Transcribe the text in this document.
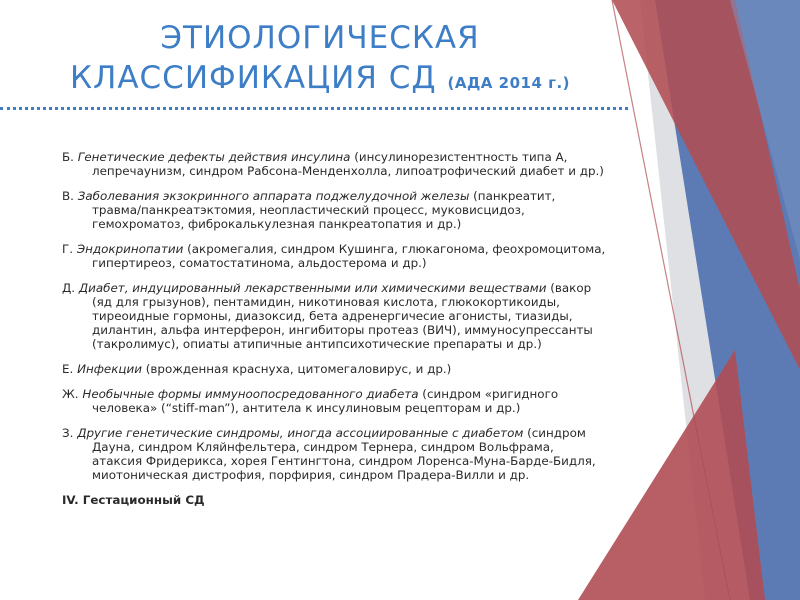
ЭТИОЛОГИЧЕСКАЯ
КЛАССИФИКАЦИЯ СД (АДА 2014 г.)

Б. Генетические дефекты действия инсулина (инсулинорезистентность типа А, лепречаунизм, синдром Рабсона-Менденхолла, липоатрофический диабет и др.)

В. Заболевания экзокринного аппарата поджелудочной железы (панкреатит, травма/панкреатэктомия, неопластический процесс, муковисцидоз, гемохроматоз, фиброкалькулезная панкреатопатия и др.)

Г. Эндокринопатии (акромегалия, синдром Кушинга, глюкагонома, феохромоцитома, гипертиреоз, соматостатинома, альдостерома и др.)

Д. Диабет, индуцированный лекарственными или химическими веществами (вакор (яд для грызунов), пентамидин, никотиновая кислота, глюкокортикоиды, тиреоидные гормоны, диазоксид, бета адренергичесие агонисты, тиазиды, дилантин, альфа интерферон, ингибиторы протеаз (ВИЧ), иммуносупрессанты (такролимус), опиаты атипичные антипсихотические препараты и др.)

Е. Инфекции (врожденная краснуха, цитомегаловирус, и др.)

Ж. Необычные формы иммуноопосредованного диабета (синдром «ригидного человека» (“stiff-man”), антитела к инсулиновым рецепторам и др.)

З. Другие генетические синдромы, иногда ассоциированные с диабетом (синдром Дауна, синдром Кляйнфельтера, синдром Тернера, синдром Вольфрама, атаксия Фридерикса, хорея Гентингтона, синдром Лоренса-Муна-Барде-Бидля, миотоническая дистрофия, порфирия, синдром Прадера-Вилли и др.

IV. Гестационный СД
